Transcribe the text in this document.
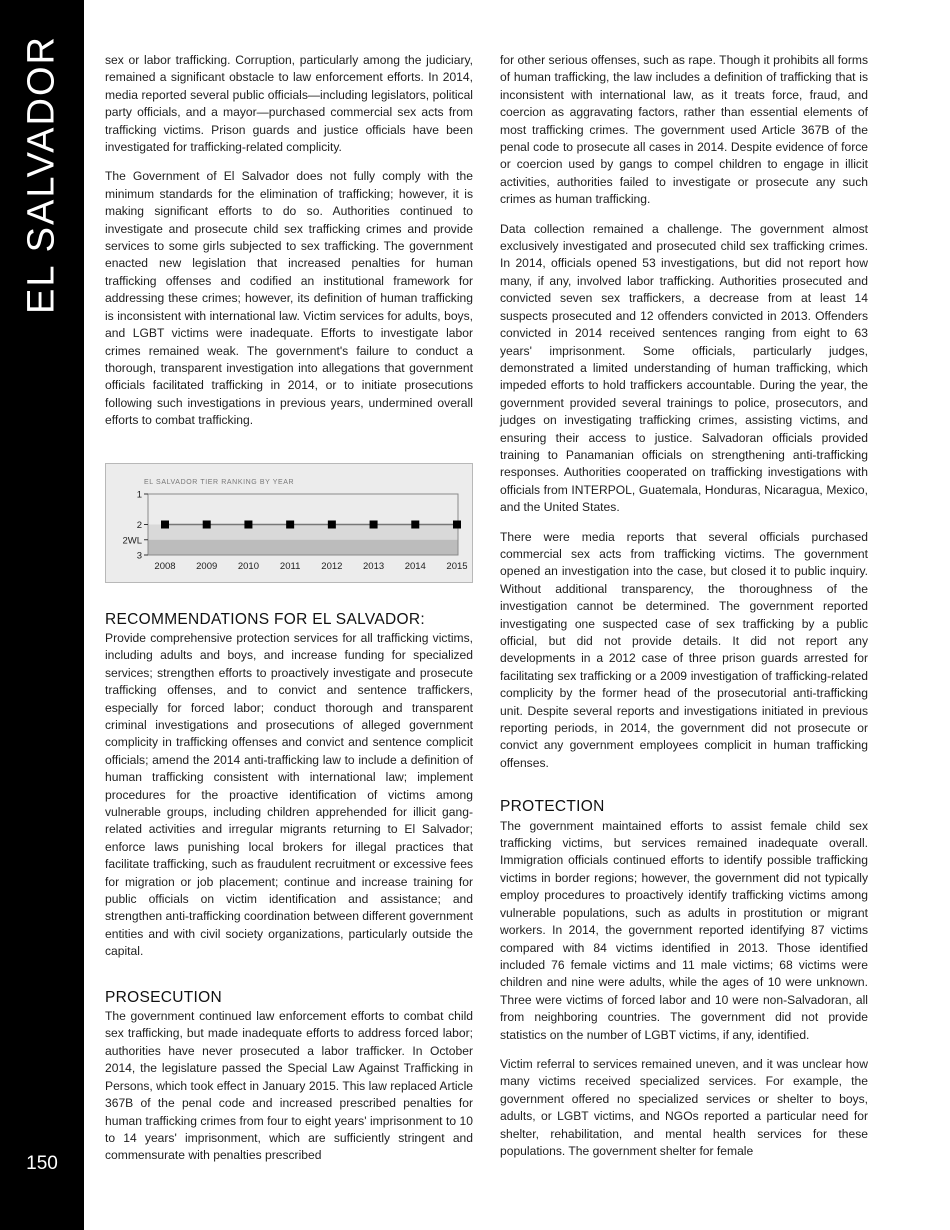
EL SALVADOR
150

sex or labor trafficking. Corruption, particularly among the judiciary, remained a significant obstacle to law enforcement efforts. In 2014, media reported several public officials—including legislators, political party officials, and a mayor—purchased commercial sex acts from trafficking victims. Prison guards and justice officials have been investigated for trafficking-related complicity.

The Government of El Salvador does not fully comply with the minimum standards for the elimination of trafficking; however, it is making significant efforts to do so. Authorities continued to investigate and prosecute child sex trafficking crimes and provide services to some girls subjected to sex trafficking. The government enacted new legislation that increased penalties for human trafficking offenses and codified an institutional framework for addressing these crimes; however, its definition of human trafficking is inconsistent with international law. Victim services for adults, boys, and LGBT victims were inadequate. Efforts to investigate labor crimes remained weak. The government's failure to conduct a thorough, transparent investigation into allegations that government officials facilitated trafficking in 2014, or to initiate prosecutions following such investigations in previous years, undermined overall efforts to combat trafficking.

EL SALVADOR TIER RANKING BY YEAR
1
2
2WL
3
2008 2009 2010 2011 2012 2013 2014 2015
RECOMMENDATIONS FOR EL SALVADOR:

Provide comprehensive protection services for all trafficking victims, including adults and boys, and increase funding for specialized services; strengthen efforts to proactively investigate and prosecute trafficking offenses, and to convict and sentence traffickers, especially for forced labor; conduct thorough and transparent criminal investigations and prosecutions of alleged government complicity in trafficking offenses and convict and sentence complicit officials; amend the 2014 anti-trafficking law to include a definition of human trafficking consistent with international law; implement procedures for the proactive identification of victims among vulnerable groups, including children apprehended for illicit gang-related activities and irregular migrants returning to El Salvador; enforce laws punishing local brokers for illegal practices that facilitate trafficking, such as fraudulent recruitment or excessive fees for migration or job placement; continue and increase training for public officials on victim identification and assistance; and strengthen anti-trafficking coordination between different government entities and with civil society organizations, particularly outside the capital.

PROSECUTION

The government continued law enforcement efforts to combat child sex trafficking, but made inadequate efforts to address forced labor; authorities have never prosecuted a labor trafficker. In October 2014, the legislature passed the Special Law Against Trafficking in Persons, which took effect in January 2015. This law replaced Article 367B of the penal code and increased prescribed penalties for human trafficking crimes from four to eight years' imprisonment to 10 to 14 years' imprisonment, which are sufficiently stringent and commensurate with penalties prescribed

for other serious offenses, such as rape. Though it prohibits all forms of human trafficking, the law includes a definition of trafficking that is inconsistent with international law, as it treats force, fraud, and coercion as aggravating factors, rather than essential elements of most trafficking crimes. The government used Article 367B of the penal code to prosecute all cases in 2014. Despite evidence of force or coercion used by gangs to compel children to engage in illicit activities, authorities failed to investigate or prosecute any such crimes as human trafficking.

Data collection remained a challenge. The government almost exclusively investigated and prosecuted child sex trafficking crimes. In 2014, officials opened 53 investigations, but did not report how many, if any, involved labor trafficking. Authorities prosecuted and convicted seven sex traffickers, a decrease from at least 14 suspects prosecuted and 12 offenders convicted in 2013. Offenders convicted in 2014 received sentences ranging from eight to 63 years' imprisonment. Some officials, particularly judges, demonstrated a limited understanding of human trafficking, which impeded efforts to hold traffickers accountable. During the year, the government provided several trainings to police, prosecutors, and judges on investigating trafficking crimes, assisting victims, and ensuring their access to justice. Salvadoran officials provided training to Panamanian officials on strengthening anti-trafficking responses. Authorities cooperated on trafficking investigations with officials from INTERPOL, Guatemala, Honduras, Nicaragua, Mexico, and the United States.

There were media reports that several officials purchased commercial sex acts from trafficking victims. The government opened an investigation into the case, but closed it to public inquiry. Without additional transparency, the thoroughness of the investigation cannot be determined. The government reported investigating one suspected case of sex trafficking by a public official, but did not provide details. It did not report any developments in a 2012 case of three prison guards arrested for facilitating sex trafficking or a 2009 investigation of trafficking-related complicity by the former head of the prosecutorial anti-trafficking unit. Despite several reports and investigations initiated in previous reporting periods, in 2014, the government did not prosecute or convict any government employees complicit in human trafficking offenses.

PROTECTION

The government maintained efforts to assist female child sex trafficking victims, but services remained inadequate overall. Immigration officials continued efforts to identify possible trafficking victims in border regions; however, the government did not typically employ procedures to proactively identify trafficking victims among vulnerable populations, such as adults in prostitution or migrant workers. In 2014, the government reported identifying 87 victims compared with 84 victims identified in 2013. Those identified included 76 female victims and 11 male victims; 68 victims were children and nine were adults, while the ages of 10 were unknown. Three were victims of forced labor and 10 were non-Salvadoran, all from neighboring countries. The government did not provide statistics on the number of LGBT victims, if any, identified.

Victim referral to services remained uneven, and it was unclear how many victims received specialized services. For example, the government offered no specialized services or shelter to boys, adults, or LGBT victims, and NGOs reported a particular need for shelter, rehabilitation, and mental health services for these populations. The government shelter for female
